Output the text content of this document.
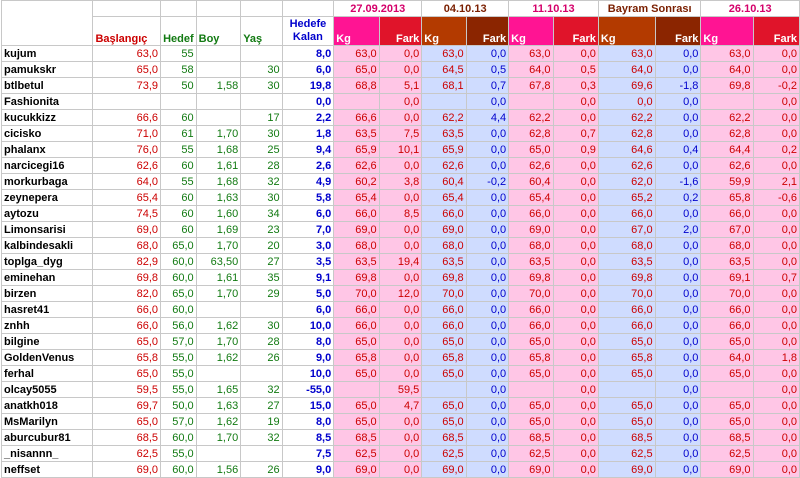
						27.09.2013		04.10.13		11.10.13		Bayram Sonrası		26.10.13	
	Başlangıç	Hedef	Boy	Yaş	Hedefe Kalan	Kg	Fark	Kg	Fark	Kg	Fark	Kg	Fark	Kg	Fark
kujum	63,0	55			8,0	63,0	0,0	63,0	0,0	63,0	0,0	63,0	0,0	63,0	0,0
pamukskr	65,0	58		30	6,0	65,0	0,0	64,5	0,5	64,0	0,5	64,0	0,0	64,0	0,0
btlbetul	73,9	50	1,58	30	19,8	68,8	5,1	68,1	0,7	67,8	0,3	69,6	-1,8	69,8	-0,2
Fashionita					0,0		0,0		0,0		0,0	0,0	0,0		0,0
kucukkizz	66,6	60		17	2,2	66,6	0,0	62,2	4,4	62,2	0,0	62,2	0,0	62,2	0,0
cicisko	71,0	61	1,70	30	1,8	63,5	7,5	63,5	0,0	62,8	0,7	62,8	0,0	62,8	0,0
phalanx	76,0	55	1,68	25	9,4	65,9	10,1	65,9	0,0	65,0	0,9	64,6	0,4	64,4	0,2
narcicegi16	62,6	60	1,61	28	2,6	62,6	0,0	62,6	0,0	62,6	0,0	62,6	0,0	62,6	0,0
morkurbaga	64,0	55	1,68	32	4,9	60,2	3,8	60,4	-0,2	60,4	0,0	62,0	-1,6	59,9	2,1
zeynepera	65,4	60	1,63	30	5,8	65,4	0,0	65,4	0,0	65,4	0,0	65,2	0,2	65,8	-0,6
aytozu	74,5	60	1,60	34	6,0	66,0	8,5	66,0	0,0	66,0	0,0	66,0	0,0	66,0	0,0
Limonsarisi	69,0	60	1,69	23	7,0	69,0	0,0	69,0	0,0	69,0	0,0	67,0	2,0	67,0	0,0
kalbindesakli	68,0	65,0	1,70	20	3,0	68,0	0,0	68,0	0,0	68,0	0,0	68,0	0,0	68,0	0,0
toplga_dyg	82,9	60,0	63,50	27	3,5	63,5	19,4	63,5	0,0	63,5	0,0	63,5	0,0	63,5	0,0
eminehan	69,8	60,0	1,61	35	9,1	69,8	0,0	69,8	0,0	69,8	0,0	69,8	0,0	69,1	0,7
birzen	82,0	65,0	1,70	29	5,0	70,0	12,0	70,0	0,0	70,0	0,0	70,0	0,0	70,0	0,0
hasret41	66,0	60,0			6,0	66,0	0,0	66,0	0,0	66,0	0,0	66,0	0,0	66,0	0,0
znhh	66,0	56,0	1,62	30	10,0	66,0	0,0	66,0	0,0	66,0	0,0	66,0	0,0	66,0	0,0
bilgine	65,0	57,0	1,70	28	8,0	65,0	0,0	65,0	0,0	65,0	0,0	65,0	0,0	65,0	0,0
GoldenVenus	65,8	55,0	1,62	26	9,0	65,8	0,0	65,8	0,0	65,8	0,0	65,8	0,0	64,0	1,8
ferhal	65,0	55,0			10,0	65,0	0,0	65,0	0,0	65,0	0,0	65,0	0,0	65,0	0,0
olcay5055	59,5	55,0	1,65	32	-55,0		59,5		0,0		0,0		0,0		0,0
anatkh018	69,7	50,0	1,63	27	15,0	65,0	4,7	65,0	0,0	65,0	0,0	65,0	0,0	65,0	0,0
MsMarilyn	65,0	57,0	1,62	19	8,0	65,0	0,0	65,0	0,0	65,0	0,0	65,0	0,0	65,0	0,0
aburcubur81	68,5	60,0	1,70	32	8,5	68,5	0,0	68,5	0,0	68,5	0,0	68,5	0,0	68,5	0,0
_nisannn_	62,5	55,0			7,5	62,5	0,0	62,5	0,0	62,5	0,0	62,5	0,0	62,5	0,0
neffset	69,0	60,0	1,56	26	9,0	69,0	0,0	69,0	0,0	69,0	0,0	69,0	0,0	69,0	0,0
